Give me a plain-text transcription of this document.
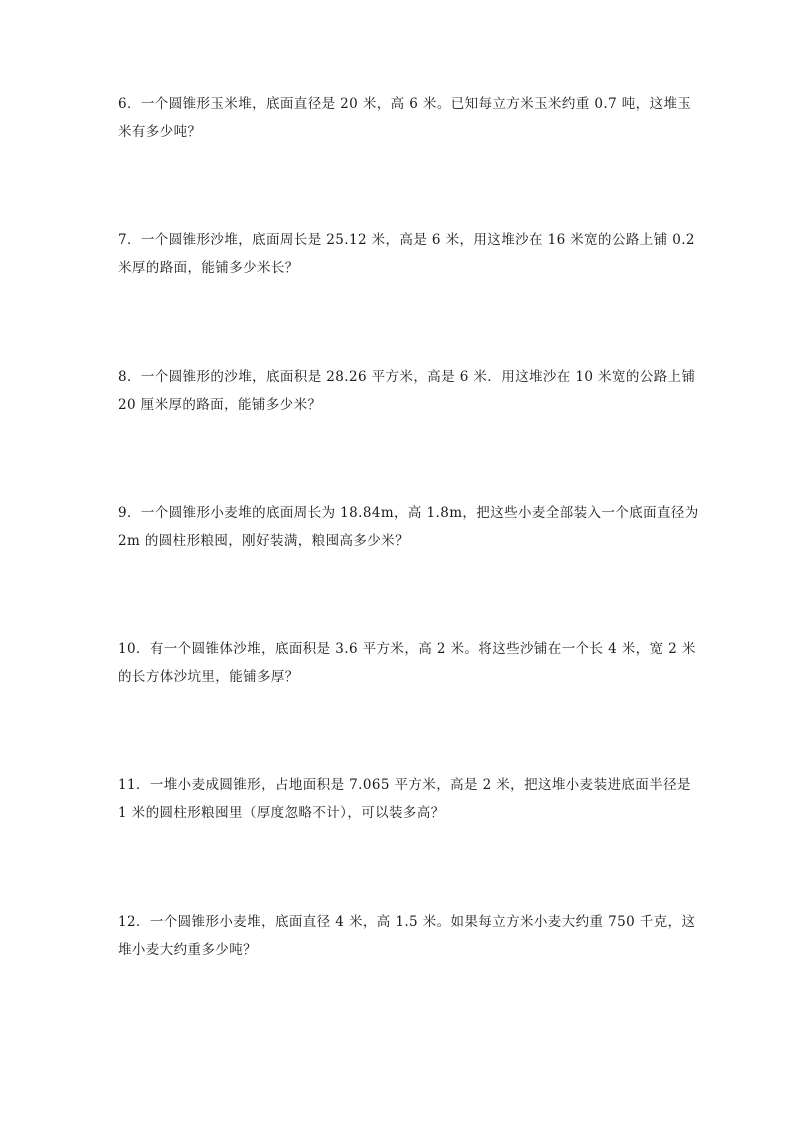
6．一个圆锥形玉米堆，底面直径是 20 米，高 6 米。已知每立方米玉米约重 0.7 吨，这堆玉
米有多少吨？
7．一个圆锥形沙堆，底面周长是 25.12 米，高是 6 米，用这堆沙在 16 米宽的公路上铺 0.2
米厚的路面，能铺多少米长？
8．一个圆锥形的沙堆，底面积是 28.26 平方米，高是 6 米．用这堆沙在 10 米宽的公路上铺
20 厘米厚的路面，能铺多少米？
9．一个圆锥形小麦堆的底面周长为 18.84m，高 1.8m，把这些小麦全部装入一个底面直径为
2m 的圆柱形粮囤，刚好装满，粮囤高多少米？
10．有一个圆锥体沙堆，底面积是 3.6 平方米，高 2 米。将这些沙铺在一个长 4 米，宽 2 米
的长方体沙坑里，能铺多厚？
11．一堆小麦成圆锥形，占地面积是 7.065 平方米，高是 2 米，把这堆小麦装进底面半径是
1 米的圆柱形粮囤里（厚度忽略不计），可以装多高？
12．一个圆锥形小麦堆，底面直径 4 米，高 1.5 米。如果每立方米小麦大约重 750 千克，这
堆小麦大约重多少吨？
